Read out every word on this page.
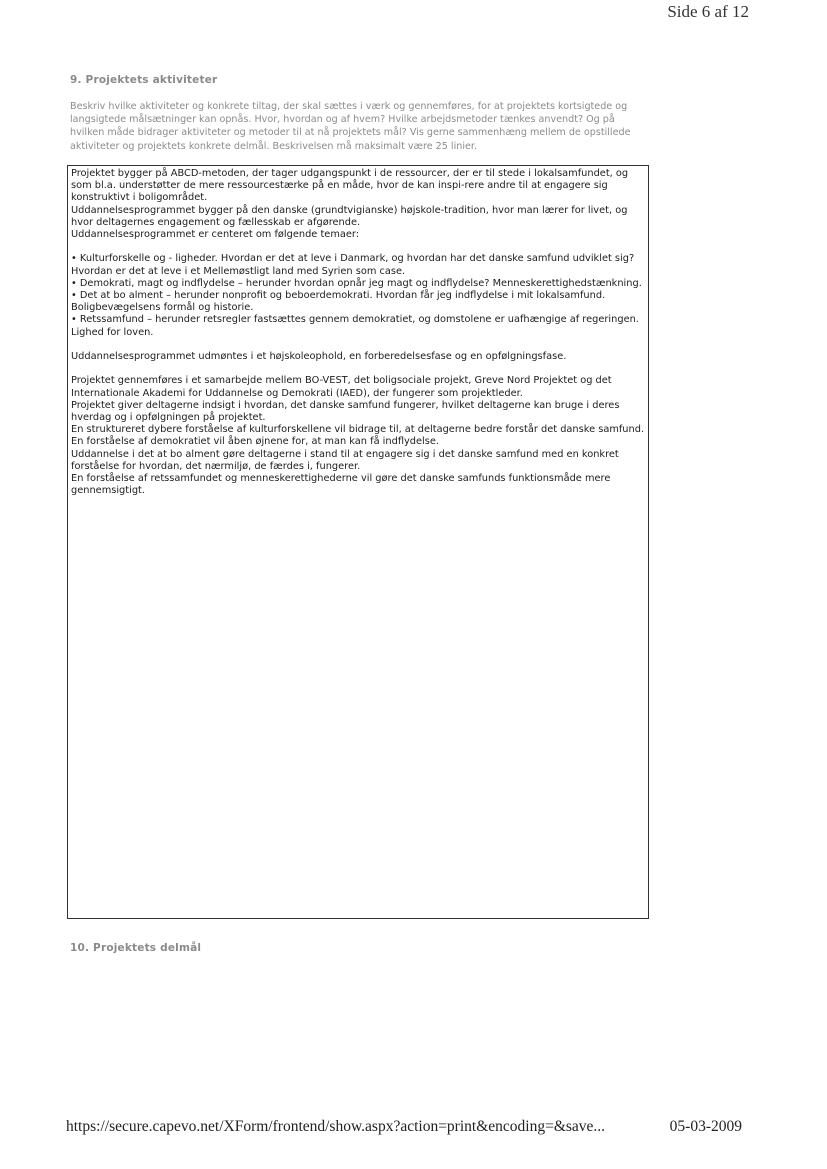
Side 6 af 12
9. Projektets aktiviteter
Beskriv hvilke aktiviteter og konkrete tiltag, der skal sættes i værk og gennemføres, for at projektets kortsigtede og langsigtede målsætninger kan opnås. Hvor, hvordan og af hvem? Hvilke arbejdsmetoder tænkes anvendt? Og på hvilken måde bidrager aktiviteter og metoder til at nå projektets mål? Vis gerne sammenhæng mellem de opstillede aktiviteter og projektets konkrete delmål. Beskrivelsen må maksimalt være 25 linier.
Projektet bygger på ABCD-metoden, der tager udgangspunkt i de ressourcer, der er til stede i lokalsamfundet, og som bl.a. understøtter de mere ressourcestærke på en måde, hvor de kan inspi-rere andre til at engagere sig konstruktivt i boligområdet.
Uddannelsesprogrammet bygger på den danske (grundtvigianske) højskole-tradition, hvor man lærer for livet, og hvor deltagernes engagement og fællesskab er afgørende.
Uddannelsesprogrammet er centeret om følgende temaer:
• Kulturforskelle og - ligheder. Hvordan er det at leve i Danmark, og hvordan har det danske samfund udviklet sig? Hvordan er det at leve i et Mellemøstligt land med Syrien som case.
• Demokrati, magt og indflydelse – herunder hvordan opnår jeg magt og indflydelse? Menneskerettighedstænkning.
• Det at bo alment – herunder nonprofit og beboerdemokrati. Hvordan får jeg indflydelse i mit lokalsamfund. Boligbevægelsens formål og historie.
• Retssamfund – herunder retsregler fastsættes gennem demokratiet, og domstolene er uafhængige af regeringen. Lighed for loven.
Uddannelsesprogrammet udmøntes i et højskoleophold, en forberedelsesfase og en opfølgningsfase.
Projektet gennemføres i et samarbejde mellem BO-VEST, det boligsociale projekt, Greve Nord Projektet og det Internationale Akademi for Uddannelse og Demokrati (IAED), der fungerer som projektleder.
Projektet giver deltagerne indsigt i hvordan, det danske samfund fungerer, hvilket deltagerne kan bruge i deres hverdag og i opfølgningen på projektet.
En struktureret dybere forståelse af kulturforskellene vil bidrage til, at deltagerne bedre forstår det danske samfund.
En forståelse af demokratiet vil åben øjnene for, at man kan få indflydelse.
Uddannelse i det at bo alment gøre deltagerne i stand til at engagere sig i det danske samfund med en konkret forståelse for hvordan, det nærmiljø, de færdes i, fungerer.
En forståelse af retssamfundet og menneskerettighederne vil gøre det danske samfunds funktionsmåde mere gennemsigtigt.
10. Projektets delmål
https://secure.capevo.net/XForm/frontend/show.aspx?action=print&encoding=&save...	05-03-2009
